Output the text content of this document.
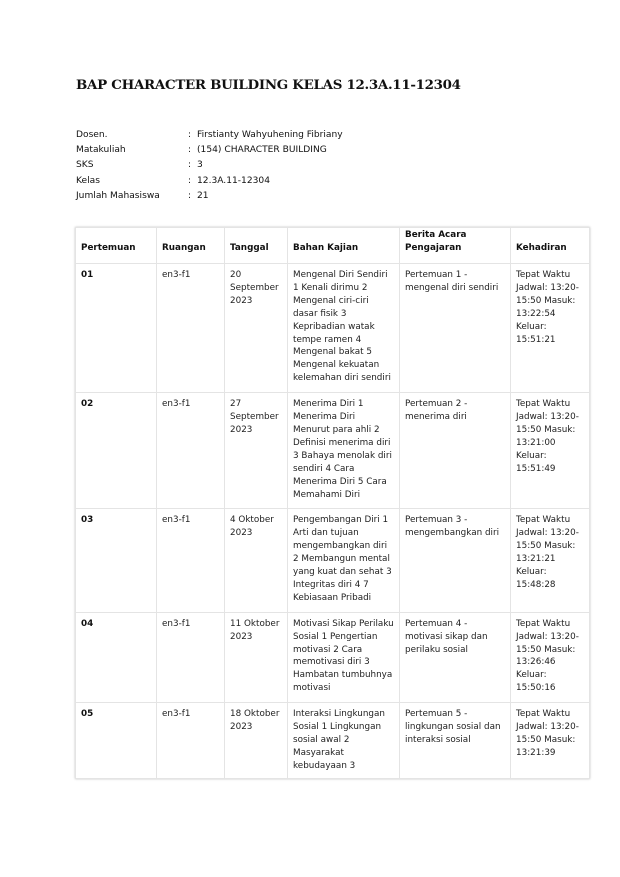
BAP CHARACTER BUILDING KELAS 12.3A.11-12304
Dosen.	:	Firstianty Wahyuhening Fibriany
Matakuliah	:	(154) CHARACTER BUILDING
SKS	:	3
Kelas	:	12.3A.11-12304
Jumlah Mahasiswa	:	21
Pertemuan	Ruangan	Tanggal	Bahan Kajian	Berita Acara Pengajaran	Kehadiran
01	en3-f1	20 September 2023	Mengenal Diri Sendiri 1 Kenali dirimu 2 Mengenal ciri-ciri dasar fisik 3 Kepribadian watak tempe ramen 4 Mengenal bakat 5 Mengenal kekuatan kelemahan diri sendiri	Pertemuan 1 - mengenal diri sendiri	Tepat Waktu Jadwal: 13:20-15:50 Masuk: 13:22:54 Keluar: 15:51:21
02	en3-f1	27 September 2023	Menerima Diri 1 Menerima Diri Menurut para ahli 2 Definisi menerima diri 3 Bahaya menolak diri sendiri 4 Cara Menerima Diri 5 Cara Memahami Diri	Pertemuan 2 - menerima diri	Tepat Waktu Jadwal: 13:20-15:50 Masuk: 13:21:00 Keluar: 15:51:49
03	en3-f1	4 Oktober 2023	Pengembangan Diri 1 Arti dan tujuan mengembangkan diri 2 Membangun mental yang kuat dan sehat 3 Integritas diri 4 7 Kebiasaan Pribadi	Pertemuan 3 - mengembangkan diri	Tepat Waktu Jadwal: 13:20-15:50 Masuk: 13:21:21 Keluar: 15:48:28
04	en3-f1	11 Oktober 2023	Motivasi Sikap Perilaku Sosial 1 Pengertian motivasi 2 Cara memotivasi diri 3 Hambatan tumbuhnya motivasi	Pertemuan 4 - motivasi sikap dan perilaku sosial	Tepat Waktu Jadwal: 13:20-15:50 Masuk: 13:26:46 Keluar: 15:50:16
05	en3-f1	18 Oktober 2023	Interaksi Lingkungan Sosial 1 Lingkungan sosial awal 2 Masyarakat kebudayaan 3	Pertemuan 5 - lingkungan sosial dan interaksi sosial	Tepat Waktu Jadwal: 13:20-15:50 Masuk: 13:21:39
